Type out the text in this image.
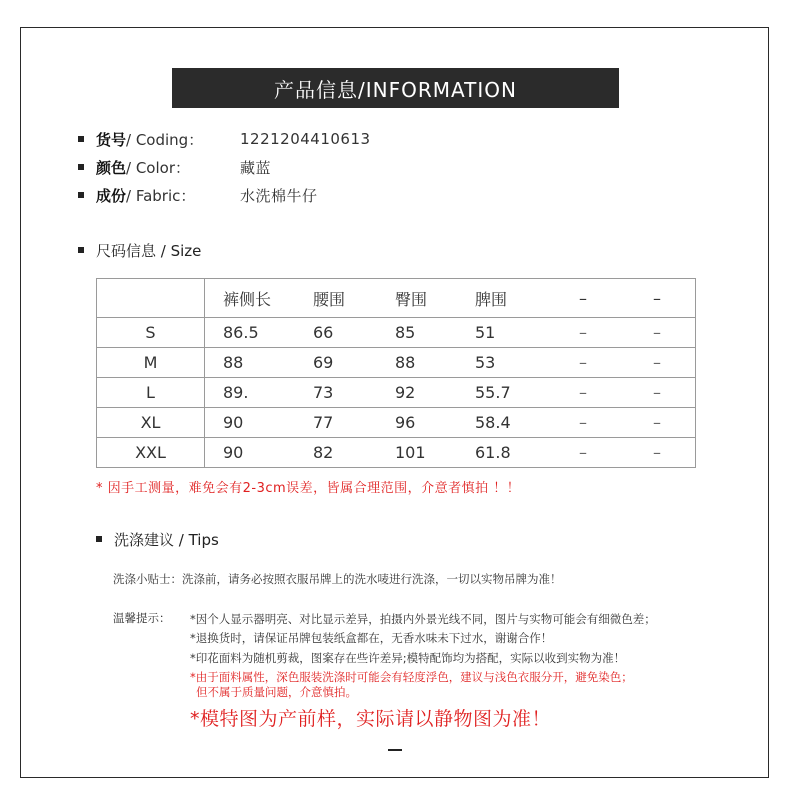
产品信息/INFORMATION
货号 / Coding： 1221204410613
颜色 / Color：	藏蓝
成份 / Fabric：	水洗棉牛仔
尺码信息 / Size
	裤侧长	腰围	臀围	脾围	–	–
S	86.5	66	85	51	–	–
M	88	69	88	53	–	–
L	89.	73	92	55.7	–	–
XL	90	77	96	58.4	–	–
XXL	90	82	101	61.8	–	–
* 因手工测量，难免会有2-3cm误差，皆属合理范围，介意者慎拍 ！！
洗涤建议 / Tips
洗涤小贴士：洗涤前，请务必按照衣服吊牌上的洗水唛进行洗涤，一切以实物吊牌为准！
温馨提示： *因个人显示器明亮、对比显示差异，拍摄内外景光线不同，图片与实物可能会有细微色差；
*退换货时，请保证吊牌包装纸盒都在，无香水味未下过水，谢谢合作！
*印花面料为随机剪裁，图案存在些许差异;模特配饰均为搭配，实际以收到实物为准！
*由于面料属性，深色服装洗涤时可能会有轻度浮色，建议与浅色衣服分开，避免染色；
但不属于质量问题，介意慎拍。
*模特图为产前样，实际请以静物图为准！
